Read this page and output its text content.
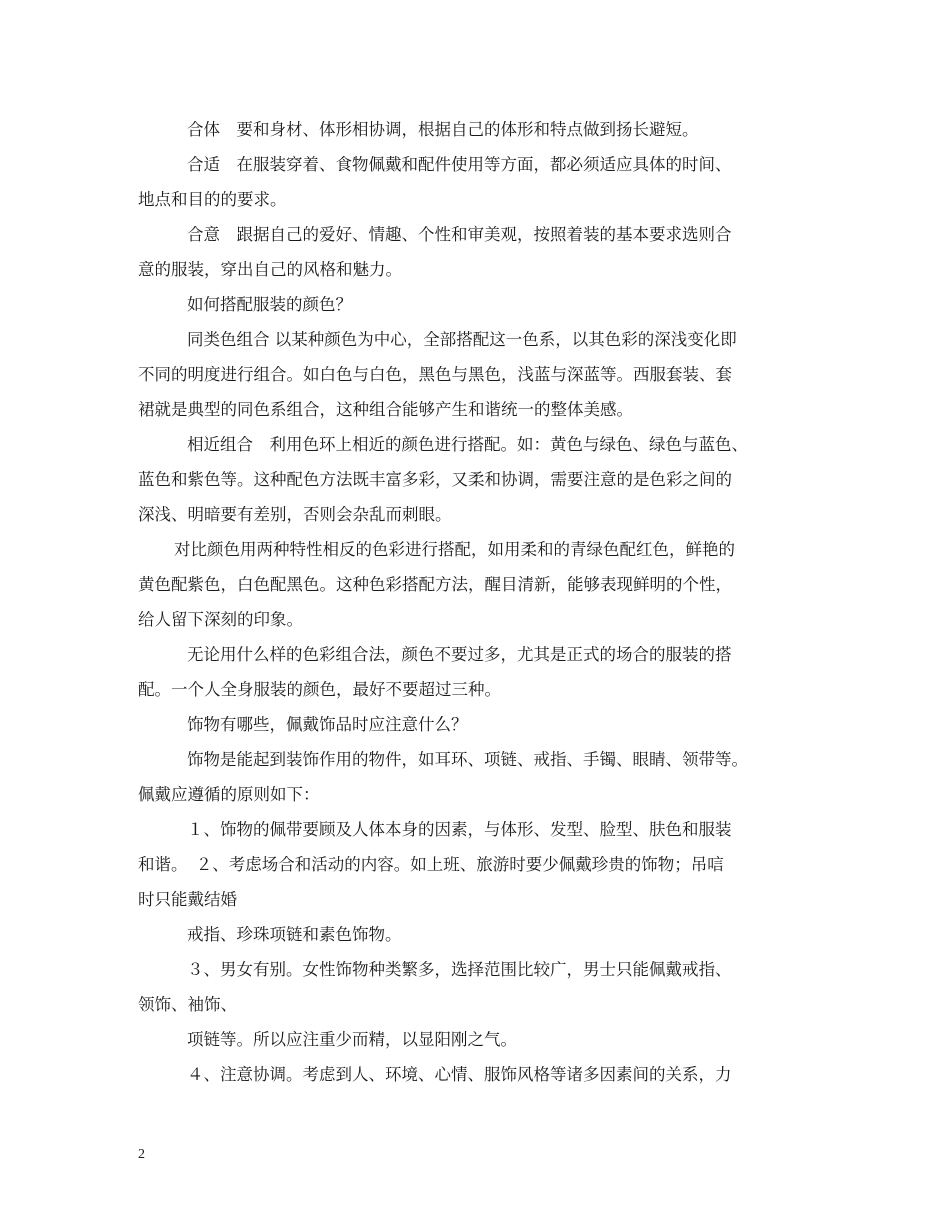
合体　要和身材、体形相协调，根据自己的体形和特点做到扬长避短。
合适　在服装穿着、食物佩戴和配件使用等方面，都必须适应具体的时间、
地点和目的的要求。
合意　跟据自己的爱好、情趣、个性和审美观，按照着装的基本要求选则合
意的服装，穿出自己的风格和魅力。
如何搭配服装的颜色？
同类色组合 以某种颜色为中心，全部搭配这一色系，以其色彩的深浅变化即
不同的明度进行组合。如白色与白色，黑色与黑色，浅蓝与深蓝等。西服套装、套
裙就是典型的同色系组合，这种组合能够产生和谐统一的整体美感。
相近组合　利用色环上相近的颜色进行搭配。如：黄色与绿色、绿色与蓝色、
蓝色和紫色等。这种配色方法既丰富多彩，又柔和协调，需要注意的是色彩之间的
深浅、明暗要有差别，否则会杂乱而刺眼。
对比颜色用两种特性相反的色彩进行搭配，如用柔和的青绿色配红色，鲜艳的
黄色配紫色，白色配黑色。这种色彩搭配方法，醒目清新，能够表现鲜明的个性，
给人留下深刻的印象。
无论用什么样的色彩组合法，颜色不要过多，尤其是正式的场合的服装的搭
配。一个人全身服装的颜色，最好不要超过三种。
饰物有哪些，佩戴饰品时应注意什么？
饰物是能起到装饰作用的物件，如耳环、项链、戒指、手镯、眼睛、领带等。
佩戴应遵循的原则如下：
１、饰物的佩带要顾及人体本身的因素，与体形、发型、脸型、肤色和服装
和谐。　２、考虑场合和活动的内容。如上班、旅游时要少佩戴珍贵的饰物；吊唁
时只能戴结婚
戒指、珍珠项链和素色饰物。
３、男女有别。女性饰物种类繁多，选择范围比较广，男士只能佩戴戒指、
领饰、袖饰、
项链等。所以应注重少而精，以显阳刚之气。
４、注意协调。考虑到人、环境、心情、服饰风格等诸多因素间的关系，力
2
